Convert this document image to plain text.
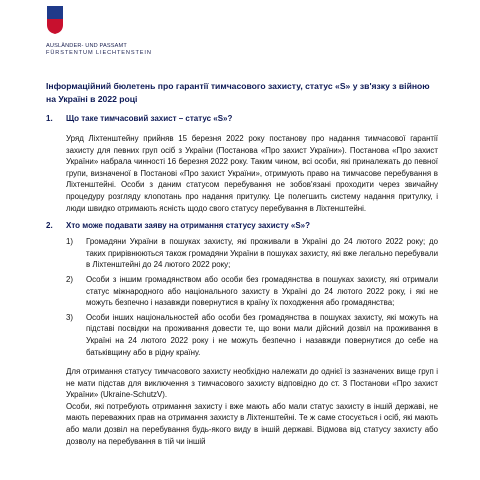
AUSLÄNDER- UND PASSAMT
FÜRSTENTUM LIECHTENSTEIN
Інформаційний бюлетень про гарантії тимчасового захисту, статус «S» у зв'язку з війною на Україні в 2022 році
1.	Що таке тимчасовий захист – статус «S»?
Уряд Ліхтенштейну прийняв 15 березня 2022 року постанову про надання тимчасової гарантії захисту для певних груп осіб з України (Постанова «Про захист України»). Постанова «Про захист України» набрала чинності 16 березня 2022 року. Таким чином, всі особи, які приналежать до певної групи, визначеної в Постанові «Про захист України», отримують право на тимчасове перебування в Ліхтенштейні. Особи з даним статусом перебування не зобов'язані проходити через звичайну процедуру розгляду клопотань про надання притулку. Це полегшить систему надання притулку, і люди швидко отримають ясність щодо свого статусу перебування в Ліхтенштейні.
2.	Хто може подавати заяву на отримання статусу захисту «S»?
1)	Громадяни України в пошуках захисту, які проживали в Україні до 24 лютого 2022 року; до таких прирівнюються також громадяни України в пошуках захисту, які вже легально перебували в Ліхтенштейні до 24 лютого 2022 року;
2)	Особи з іншим громадянством або особи без громадянства в пошуках захисту, які отримали статус міжнародного або національного захисту в Україні до 24 лютого 2022 року, і які не можуть безпечно і назавжди повернутися в країну їх походження або громадянства;
3)	Особи інших національностей або особи без громадянства в пошуках захисту, які можуть на підставі посвідки на проживання довести те, що вони мали дійсний дозвіл на проживання в Україні на 24 лютого 2022 року і не можуть безпечно і назавжди повернутися до себе на батьківщину або в рідну країну.
Для отримання статусу тимчасового захисту необхідно належати до однієї із зазначених вище груп і не мати підстав для виключення з тимчасового захисту відповідно до ст. 3 Постанови «Про захист України» (Ukraine-SchutzV).
Особи, які потребують отримання захисту і вже мають або мали статус захисту в іншій державі, не мають переважних прав на отримання захисту в Ліхтенштейні. Те ж саме стосується і осіб, які мають або мали дозвіл на перебування будь-якого виду в іншій державі. Відмова від статусу захисту або дозволу на перебування в тій чи іншій
